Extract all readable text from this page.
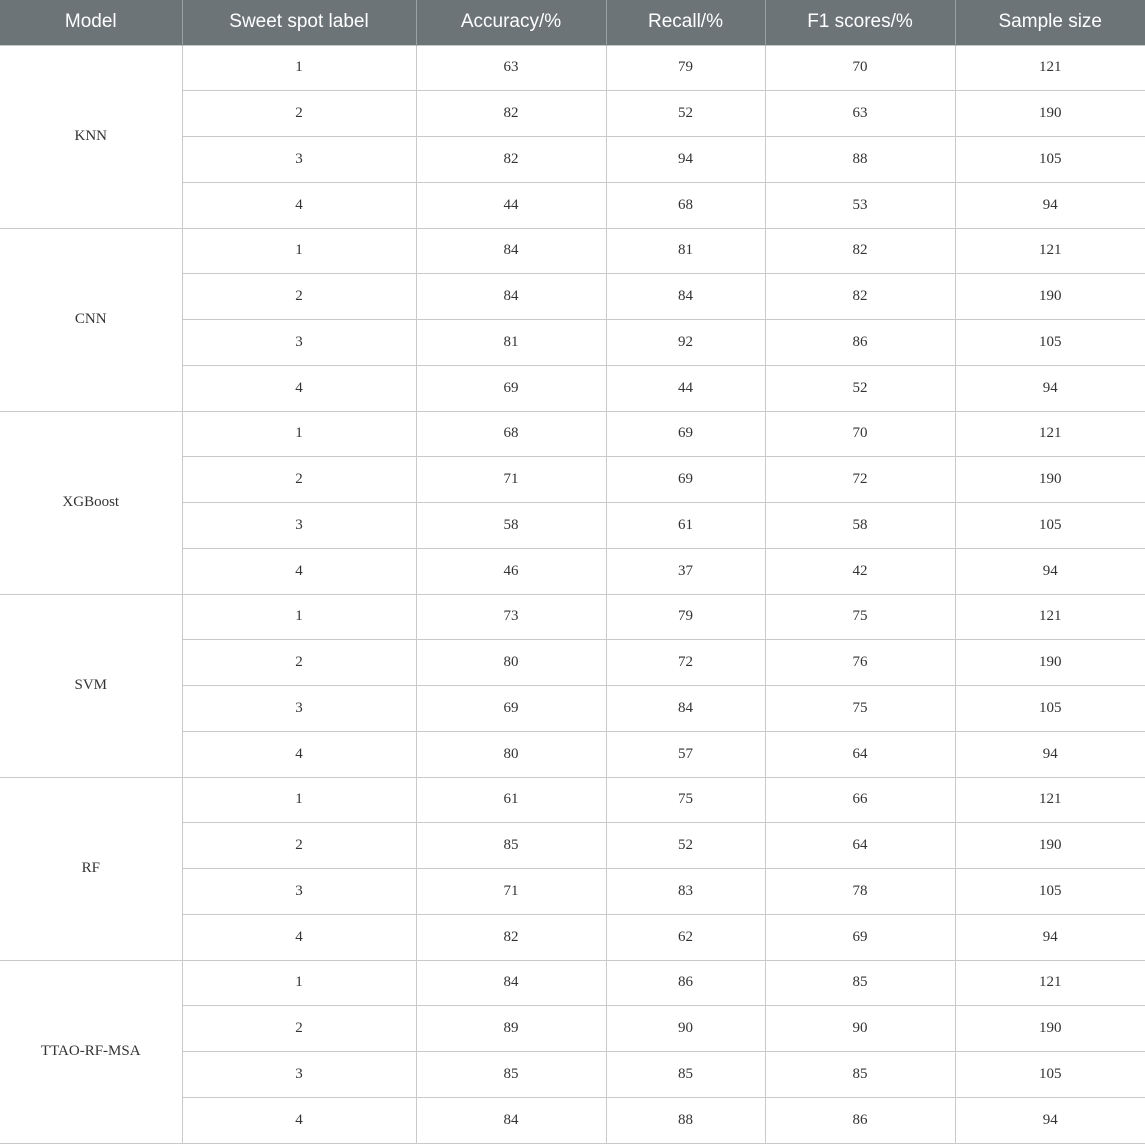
Model	Sweet spot label	Accuracy/%	Recall/%	F1 scores/%	Sample size
KNN	1	63	79	70	121
	2	82	52	63	190
	3	82	94	88	105
	4	44	68	53	94
CNN	1	84	81	82	121
	2	84	84	82	190
	3	81	92	86	105
	4	69	44	52	94
XGBoost	1	68	69	70	121
	2	71	69	72	190
	3	58	61	58	105
	4	46	37	42	94
SVM	1	73	79	75	121
	2	80	72	76	190
	3	69	84	75	105
	4	80	57	64	94
RF	1	61	75	66	121
	2	85	52	64	190
	3	71	83	78	105
	4	82	62	69	94
TTAO-RF-MSA	1	84	86	85	121
	2	89	90	90	190
	3	85	85	85	105
	4	84	88	86	94
